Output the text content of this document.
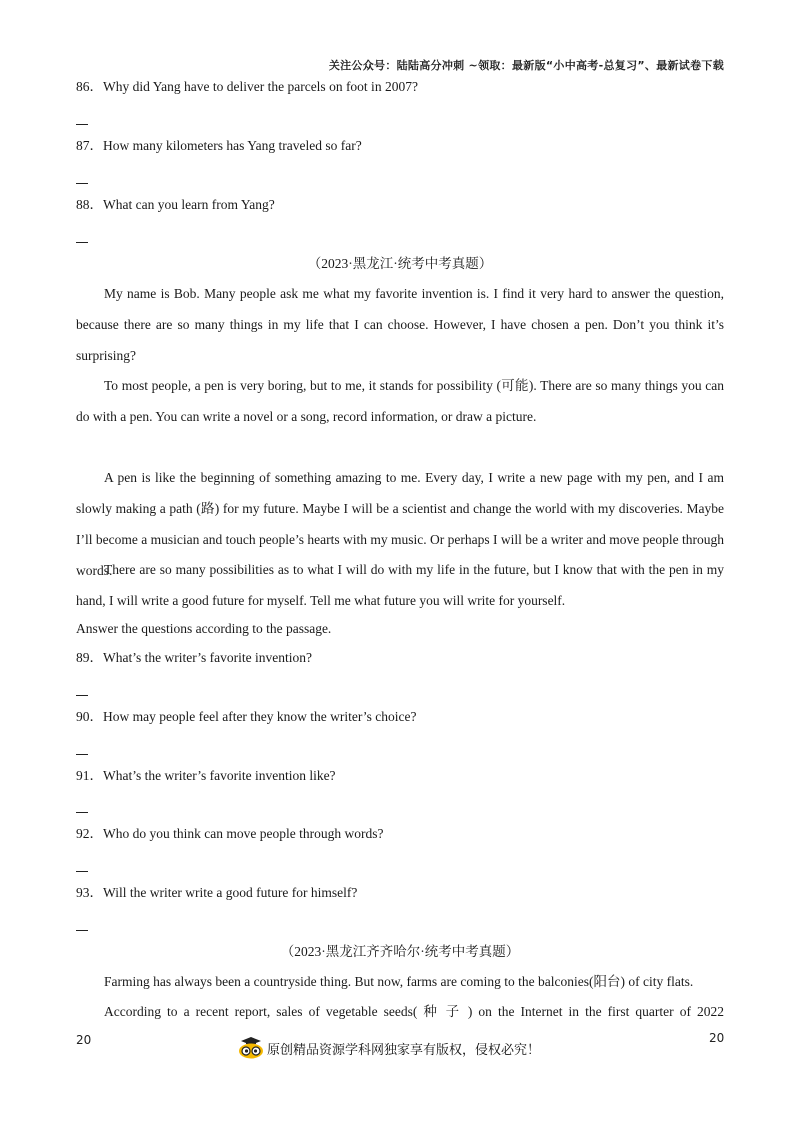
关注公众号：陆陆高分冲刺 ~领取：最新版“小中高考-总复习”、最新试卷下载
86．Why did Yang have to deliver the parcels on foot in 2007?
87．How many kilometers has Yang traveled so far?
88．What can you learn from Yang?
（2023·黑龙江·统考中考真题）
My name is Bob. Many people ask me what my favorite invention is. I find it very hard to answer the question, because there are so many things in my life that I can choose. However, I have chosen a pen. Don’t you think it’s surprising?
To most people, a pen is very boring, but to me, it stands for possibility (可能). There are so many things you can do with a pen. You can write a novel or a song, record information, or draw a picture.
A pen is like the beginning of something amazing to me. Every day, I write a new page with my pen, and I am slowly making a path (路) for my future. Maybe I will be a scientist and change the world with my discoveries. Maybe I’ll become a musician and touch people’s hearts with my music. Or perhaps I will be a writer and move people through words.
There are so many possibilities as to what I will do with my life in the future, but I know that with the pen in my hand, I will write a good future for myself. Tell me what future you will write for yourself.
Answer the questions according to the passage.
89．What’s the writer’s favorite invention?
90．How may people feel after they know the writer’s choice?
91．What’s the writer’s favorite invention like?
92．Who do you think can move people through words?
93．Will the writer write a good future for himself?
（2023·黑龙江齐齐哈尔·统考中考真题）
Farming has always been a countryside thing. But now, farms are coming to the balconies(阳台) of city flats.
According to a recent report, sales of vegetable seeds( 种 子 ) on the Internet in the first quarter of 2022
20	20
原创精品资源学科网独家享有版权，侵权必究！
